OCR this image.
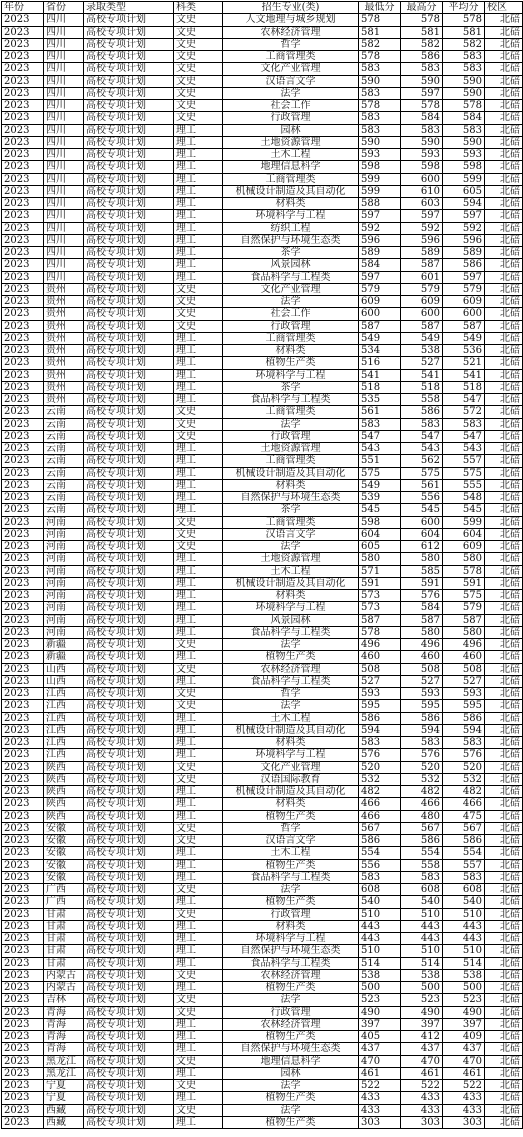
年份	省份	录取类型	科类	招生专业(类)	最低分	最高分	平均分	校区
2023	四川	高校专项计划	文史	人文地理与城乡规划	578	578	578	北碚
2023	四川	高校专项计划	文史	农林经济管理	581	581	581	北碚
2023	四川	高校专项计划	文史	哲学	582	582	582	北碚
2023	四川	高校专项计划	文史	工商管理类	578	586	583	北碚
2023	四川	高校专项计划	文史	文化产业管理	583	583	583	北碚
2023	四川	高校专项计划	文史	汉语言文学	590	590	590	北碚
2023	四川	高校专项计划	文史	法学	583	597	590	北碚
2023	四川	高校专项计划	文史	社会工作	578	578	578	北碚
2023	四川	高校专项计划	文史	行政管理	583	584	584	北碚
2023	四川	高校专项计划	理工	园林	583	583	583	北碚
2023	四川	高校专项计划	理工	土地资源管理	590	590	590	北碚
2023	四川	高校专项计划	理工	土木工程	593	593	593	北碚
2023	四川	高校专项计划	理工	地理信息科学	598	598	598	北碚
2023	四川	高校专项计划	理工	工商管理类	599	600	599	北碚
2023	四川	高校专项计划	理工	机械设计制造及其自动化	599	610	605	北碚
2023	四川	高校专项计划	理工	材料类	588	603	594	北碚
2023	四川	高校专项计划	理工	环境科学与工程	597	597	597	北碚
2023	四川	高校专项计划	理工	纺织工程	592	592	592	北碚
2023	四川	高校专项计划	理工	自然保护与环境生态类	596	596	596	北碚
2023	四川	高校专项计划	理工	茶学	589	589	589	北碚
2023	四川	高校专项计划	理工	风景园林	584	587	586	北碚
2023	四川	高校专项计划	理工	食品科学与工程类	597	601	597	北碚
2023	贵州	高校专项计划	文史	文化产业管理	579	579	579	北碚
2023	贵州	高校专项计划	文史	法学	609	609	609	北碚
2023	贵州	高校专项计划	文史	社会工作	600	600	600	北碚
2023	贵州	高校专项计划	文史	行政管理	587	587	587	北碚
2023	贵州	高校专项计划	理工	工商管理类	549	549	549	北碚
2023	贵州	高校专项计划	理工	材料类	534	538	536	北碚
2023	贵州	高校专项计划	理工	植物生产类	516	527	521	北碚
2023	贵州	高校专项计划	理工	环境科学与工程	541	541	541	北碚
2023	贵州	高校专项计划	理工	茶学	518	518	518	北碚
2023	贵州	高校专项计划	理工	食品科学与工程类	535	558	547	北碚
2023	云南	高校专项计划	文史	工商管理类	561	586	572	北碚
2023	云南	高校专项计划	文史	法学	583	583	583	北碚
2023	云南	高校专项计划	文史	行政管理	547	547	547	北碚
2023	云南	高校专项计划	理工	土地资源管理	543	543	543	北碚
2023	云南	高校专项计划	理工	工商管理类	551	562	557	北碚
2023	云南	高校专项计划	理工	机械设计制造及其自动化	575	575	575	北碚
2023	云南	高校专项计划	理工	材料类	549	561	555	北碚
2023	云南	高校专项计划	理工	自然保护与环境生态类	539	556	548	北碚
2023	云南	高校专项计划	理工	茶学	545	545	545	北碚
2023	河南	高校专项计划	文史	工商管理类	598	600	599	北碚
2023	河南	高校专项计划	文史	汉语言文学	604	604	604	北碚
2023	河南	高校专项计划	文史	法学	605	612	609	北碚
2023	河南	高校专项计划	理工	土地资源管理	580	580	580	北碚
2023	河南	高校专项计划	理工	土木工程	571	585	578	北碚
2023	河南	高校专项计划	理工	机械设计制造及其自动化	591	591	591	北碚
2023	河南	高校专项计划	理工	材料类	573	576	575	北碚
2023	河南	高校专项计划	理工	环境科学与工程	573	584	579	北碚
2023	河南	高校专项计划	理工	风景园林	587	587	587	北碚
2023	河南	高校专项计划	理工	食品科学与工程类	578	580	580	北碚
2023	新疆	高校专项计划	文史	法学	496	496	496	北碚
2023	新疆	高校专项计划	理工	植物生产类	460	460	460	北碚
2023	山西	高校专项计划	文史	农林经济管理	508	508	508	北碚
2023	山西	高校专项计划	理工	食品科学与工程类	527	527	527	北碚
2023	江西	高校专项计划	文史	哲学	593	593	593	北碚
2023	江西	高校专项计划	文史	法学	595	595	595	北碚
2023	江西	高校专项计划	理工	土木工程	586	586	586	北碚
2023	江西	高校专项计划	理工	机械设计制造及其自动化	594	594	594	北碚
2023	江西	高校专项计划	理工	材料类	583	583	583	北碚
2023	江西	高校专项计划	理工	环境科学与工程	576	576	576	北碚
2023	陕西	高校专项计划	文史	文化产业管理	520	520	520	北碚
2023	陕西	高校专项计划	文史	汉语国际教育	532	532	532	北碚
2023	陕西	高校专项计划	理工	机械设计制造及其自动化	482	482	482	北碚
2023	陕西	高校专项计划	理工	材料类	466	466	466	北碚
2023	陕西	高校专项计划	理工	植物生产类	466	480	475	北碚
2023	安徽	高校专项计划	文史	哲学	567	567	567	北碚
2023	安徽	高校专项计划	文史	汉语言文学	586	586	586	北碚
2023	安徽	高校专项计划	理工	土木工程	554	554	554	北碚
2023	安徽	高校专项计划	理工	植物生产类	556	558	557	北碚
2023	安徽	高校专项计划	理工	食品科学与工程类	583	583	583	北碚
2023	广西	高校专项计划	文史	法学	608	608	608	北碚
2023	广西	高校专项计划	理工	植物生产类	540	540	540	北碚
2023	甘肃	高校专项计划	文史	行政管理	510	510	510	北碚
2023	甘肃	高校专项计划	理工	材料类	443	443	443	北碚
2023	甘肃	高校专项计划	理工	环境科学与工程	443	443	443	北碚
2023	甘肃	高校专项计划	理工	自然保护与环境生态类	510	510	510	北碚
2023	甘肃	高校专项计划	理工	食品科学与工程类	514	514	514	北碚
2023	内蒙古	高校专项计划	文史	农林经济管理	538	538	538	北碚
2023	内蒙古	高校专项计划	理工	植物生产类	500	500	500	北碚
2023	吉林	高校专项计划	文史	法学	523	523	523	北碚
2023	青海	高校专项计划	文史	行政管理	490	490	490	北碚
2023	青海	高校专项计划	理工	农林经济管理	397	397	397	北碚
2023	青海	高校专项计划	理工	植物生产类	405	412	409	北碚
2023	青海	高校专项计划	理工	自然保护与环境生态类	437	437	437	北碚
2023	黑龙江	高校专项计划	文史	地理信息科学	470	470	470	北碚
2023	黑龙江	高校专项计划	理工	园林	461	461	461	北碚
2023	宁夏	高校专项计划	文史	法学	522	522	522	北碚
2023	宁夏	高校专项计划	理工	植物生产类	433	433	433	北碚
2023	西藏	高校专项计划	文史	法学	433	433	433	北碚
2023	西藏	高校专项计划	理工	植物生产类	303	303	303	北碚
